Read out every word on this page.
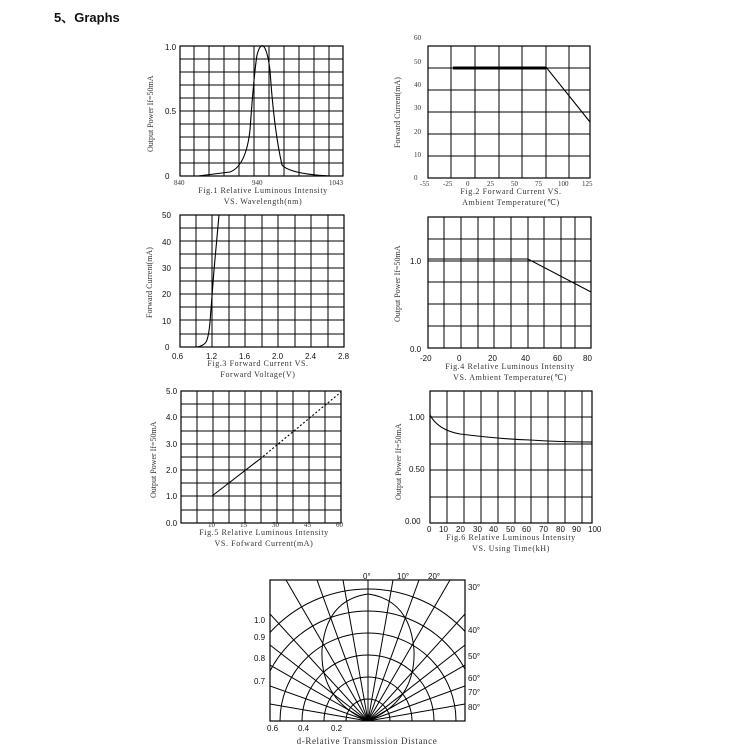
5、Graphs
1.0
0.5
0
840	940	1043
Output Power If=50mA
Fig.1 Relative Luminous Intensity
VS. Wavelength(nm)
60
50
40
30
20
10
0
-55 -25 0	25 50 75 100 125
Forward Current(mA)
Fig.2 Forward Current VS.
Ambient Temperature(℃)
50
40
30
20
10
0
0.6	1.2	1.6	2.0	2.4	2.8
Forward Current(mA)
Fig.3 Forward Current VS.
Forward Voltage(V)
1.0
0.0
-20	0	20	40	60	80
Output Power If=50mA
Fig.4 Relative Luminous Intensity
VS. Ambient Temperature(℃)
5.0
4.0
3.0
2.0
1.0
0.0	10	15	30	45	60
Output Power If=50mA
Fig.5 Relative Luminous Intensity
VS. Fofward Current(mA)
1.00
0.50
0.00
0 10 20 30 40 50 60 70 80 90 100
Output Power If=50mA
Fig.6 Relative Luminous Intensity
VS. Using Time(kH)
0°	10° 20°
30°
40°
50°
60°
70°
80°
1.0
0.9
0.8
0.7
0.6 0.4	0.2
d-Relative Transmission Distance
